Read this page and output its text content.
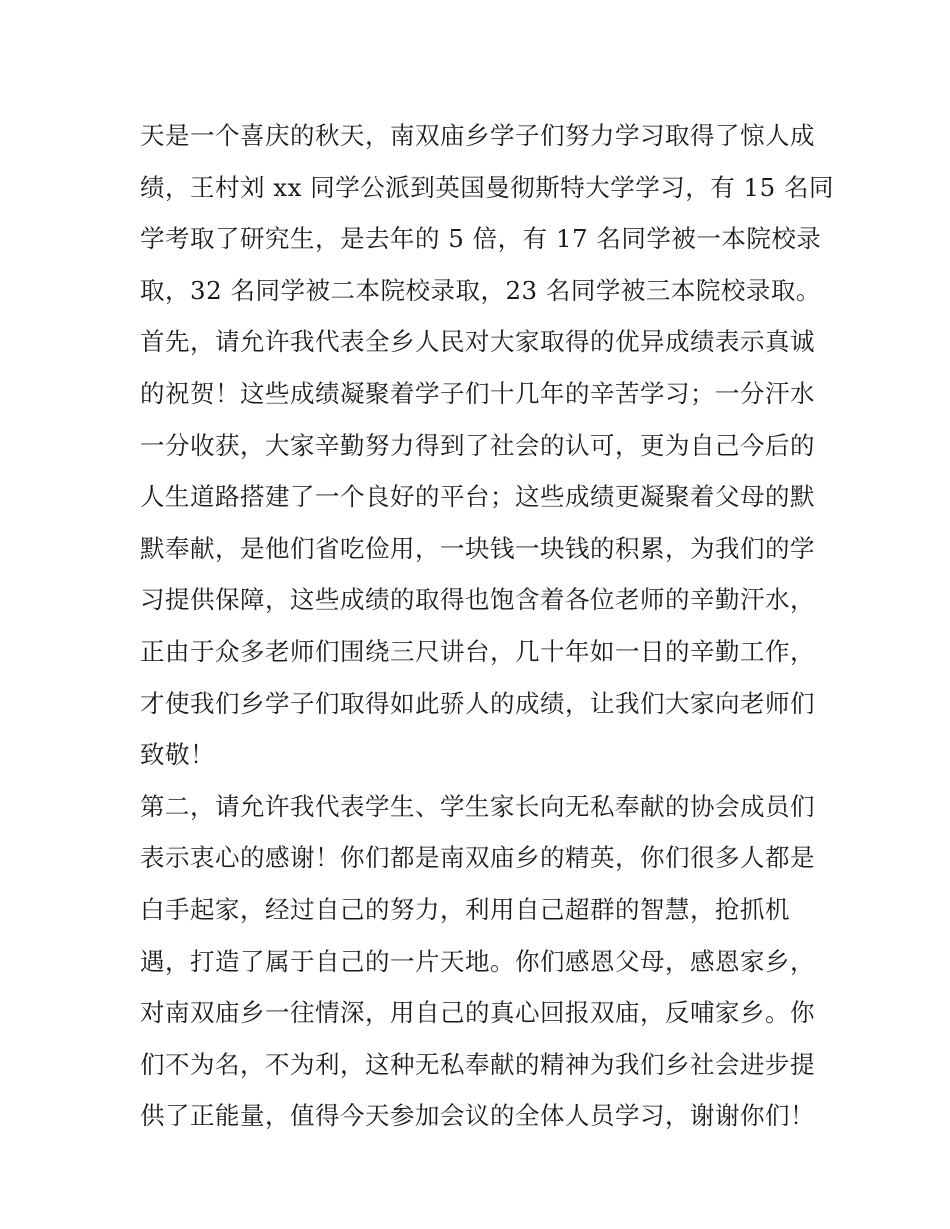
天是一个喜庆的秋天，南双庙乡学子们努力学习取得了惊人成
绩，王村刘 xx 同学公派到英国曼彻斯特大学学习，有 15 名同
学考取了研究生，是去年的 5 倍，有 17 名同学被一本院校录
取，32 名同学被二本院校录取，23 名同学被三本院校录取。
首先，请允许我代表全乡人民对大家取得的优异成绩表示真诚
的祝贺！这些成绩凝聚着学子们十几年的辛苦学习；一分汗水
一分收获，大家辛勤努力得到了社会的认可，更为自己今后的
人生道路搭建了一个良好的平台；这些成绩更凝聚着父母的默
默奉献，是他们省吃俭用，一块钱一块钱的积累，为我们的学
习提供保障，这些成绩的取得也饱含着各位老师的辛勤汗水，
正由于众多老师们围绕三尺讲台，几十年如一日的辛勤工作，
才使我们乡学子们取得如此骄人的成绩，让我们大家向老师们
致敬！
第二，请允许我代表学生、学生家长向无私奉献的协会成员们
表示衷心的感谢！你们都是南双庙乡的精英，你们很多人都是
白手起家，经过自己的努力，利用自己超群的智慧，抢抓机
遇，打造了属于自己的一片天地。你们感恩父母，感恩家乡，
对南双庙乡一往情深，用自己的真心回报双庙，反哺家乡。你
们不为名，不为利，这种无私奉献的精神为我们乡社会进步提
供了正能量，值得今天参加会议的全体人员学习，谢谢你们！
